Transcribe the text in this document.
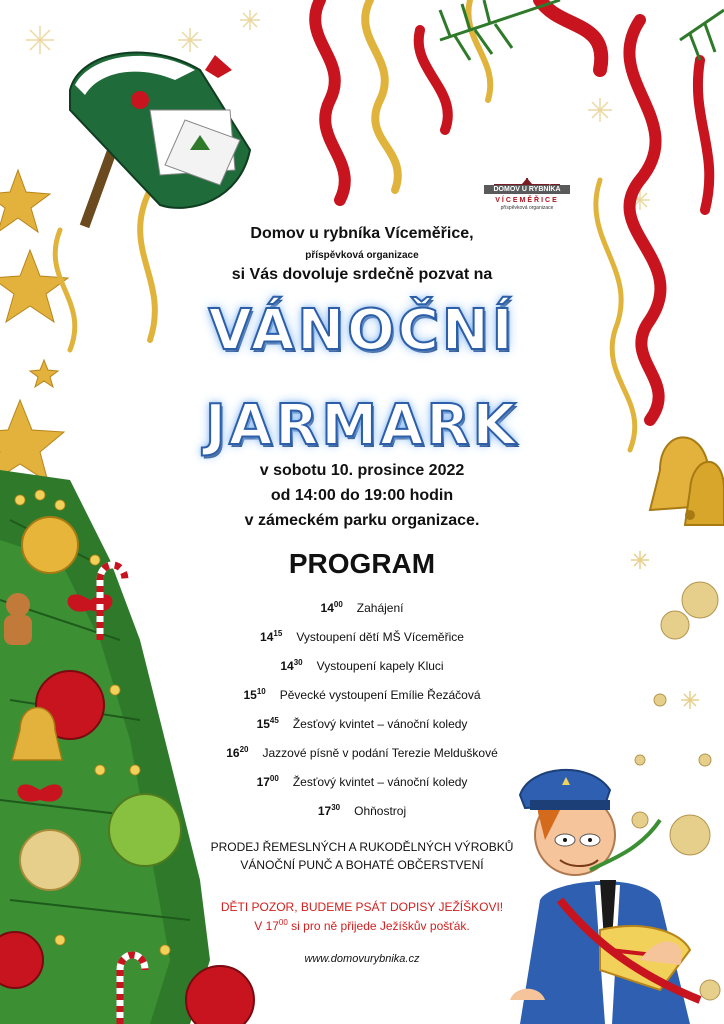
DOMOV U RYBNÍKA
VÍCEMĚŘICE
příspěvková organizace
Domov u rybníka Víceměřice,
příspěvková organizace
si Vás dovoluje srdečně pozvat na
VÁNOČNÍ
JARMARK
v sobotu 10. prosince 2022
od 14:00 do 19:00 hodin
v zámeckém parku organizace.
PROGRAM
$14^{00}$ Zahájení
$14^{15}$ Vystoupení dětí MŠ Víceměřice
$14^{30}$ Vystoupení kapely Kluci
$15^{10}$ Pěvecké vystoupení Emílie Řezáčová
$15^{45}$ Žesťový kvintet – vánoční koledy
$16^{20}$ Jazzové písně v podání Terezie Melduškové
$17^{00}$ Žesťový kvintet – vánoční koledy
$17^{30}$ Ohňostroj
PRODEJ ŘEMESLNÝCH A RUKODĚLNÝCH VÝROBKŮ
VÁNOČNÍ PUNČ A BOHATÉ OBČERSTVENÍ
DĚTI POZOR, BUDEME PSÁT DOPISY JEŽÍŠKOVI!
V $17^{00}$ si pro ně přijede Ježíškův pošťák.
www.domovurybnika.cz
